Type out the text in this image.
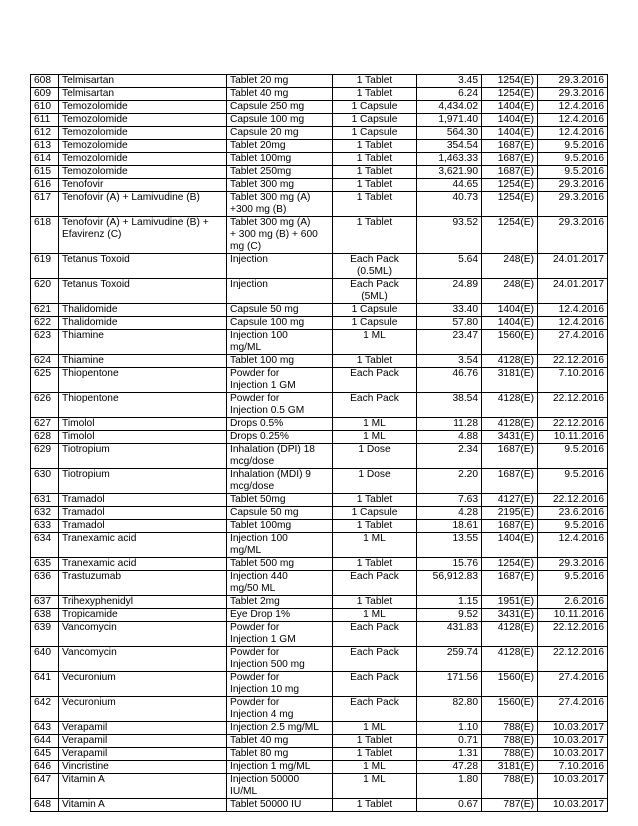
608	Telmisartan	Tablet 20 mg	1 Tablet	3.45	1254(E)	29.3.2016
609	Telmisartan	Tablet 40 mg	1 Tablet	6.24	1254(E)	29.3.2016
610	Temozolomide	Capsule 250 mg	1 Capsule	4,434.02	1404(E)	12.4.2016
611	Temozolomide	Capsule 100 mg	1 Capsule	1,971.40	1404(E)	12.4.2016
612	Temozolomide	Capsule 20 mg	1 Capsule	564.30	1404(E)	12.4.2016
613	Temozolomide	Tablet 20mg	1 Tablet	354.54	1687(E)	9.5.2016
614	Temozolomide	Tablet 100mg	1 Tablet	1,463.33	1687(E)	9.5.2016
615	Temozolomide	Tablet 250mg	1 Tablet	3,621.90	1687(E)	9.5.2016
616	Tenofovir	Tablet 300 mg	1 Tablet	44.65	1254(E)	29.3.2016
617	Tenofovir (A) + Lamivudine (B)	Tablet 300 mg (A)
+300 mg (B)	1 Tablet	40.73	1254(E)	29.3.2016
618	Tenofovir (A) + Lamivudine (B) +
Efavirenz (C)	Tablet 300 mg (A)
+ 300 mg (B) + 600
mg (C)	1 Tablet	93.52	1254(E)	29.3.2016
619	Tetanus Toxoid	Injection	Each Pack
(0.5ML)	5.64	248(E)	24.01.2017
620	Tetanus Toxoid	Injection	Each Pack (5ML)	24.89	248(E)	24.01.2017
621	Thalidomide	Capsule 50 mg	1 Capsule	33.40	1404(E)	12.4.2016
622	Thalidomide	Capsule 100 mg	1 Capsule	57.80	1404(E)	12.4.2016
623	Thiamine	Injection 100
mg/ML	1 ML	23.47	1560(E)	27.4.2016
624	Thiamine	Tablet 100 mg	1 Tablet	3.54	4128(E)	22.12.2016
625	Thiopentone	Powder for
Injection 1 GM	Each Pack	46.76	3181(E)	7.10.2016
626	Thiopentone	Powder for
Injection 0.5 GM	Each Pack	38.54	4128(E)	22.12.2016
627	Timolol	Drops 0.5%	1 ML	11.28	4128(E)	22.12.2016
628	Timolol	Drops 0.25%	1 ML	4.88	3431(E)	10.11.2016
629	Tiotropium	Inhalation (DPI) 18
mcg/dose	1 Dose	2.34	1687(E)	9.5.2016
630	Tiotropium	Inhalation (MDI) 9
mcg/dose	1 Dose	2.20	1687(E)	9.5.2016
631	Tramadol	Tablet 50mg	1 Tablet	7.63	4127(E)	22.12.2016
632	Tramadol	Capsule 50 mg	1 Capsule	4.28	2195(E)	23.6.2016
633	Tramadol	Tablet 100mg	1 Tablet	18.61	1687(E)	9.5.2016
634	Tranexamic acid	Injection 100
mg/ML	1 ML	13.55	1404(E)	12.4.2016
635	Tranexamic acid	Tablet 500 mg	1 Tablet	15.76	1254(E)	29.3.2016
636	Trastuzumab	Injection 440
mg/50 ML	Each Pack	56,912.83	1687(E)	9.5.2016
637	Trihexyphenidyl	Tablet 2mg	1 Tablet	1.15	1951(E)	2.6.2016
638	Tropicamide	Eye Drop 1%	1 ML	9.52	3431(E)	10.11.2016
639	Vancomycin	Powder for
Injection 1 GM	Each Pack	431.83	4128(E)	22.12.2016
640	Vancomycin	Powder for
Injection 500 mg	Each Pack	259.74	4128(E)	22.12.2016
641	Vecuronium	Powder for
Injection 10 mg	Each Pack	171.56	1560(E)	27.4.2016
642	Vecuronium	Powder for
Injection 4 mg	Each Pack	82.80	1560(E)	27.4.2016
643	Verapamil	Injection 2.5 mg/ML	1 ML	1.10	788(E)	10.03.2017
644	Verapamil	Tablet 40 mg	1 Tablet	0.71	788(E)	10.03.2017
645	Verapamil	Tablet 80 mg	1 Tablet	1.31	788(E)	10.03.2017
646	Vincristine	Injection 1 mg/ML	1 ML	47.28	3181(E)	7.10.2016
647	Vitamin A	Injection 50000
IU/ML	1 ML	1.80	788(E)	10.03.2017
648	Vitamin A	Tablet 50000 IU	1 Tablet	0.67	787(E)	10.03.2017
